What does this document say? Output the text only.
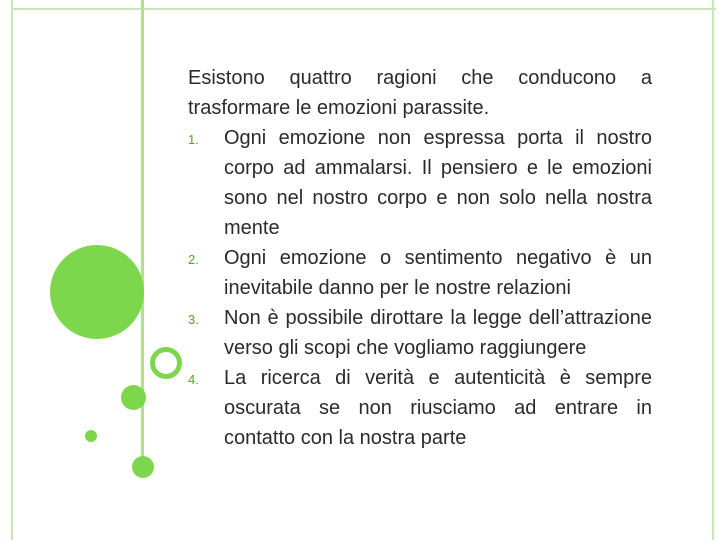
Esistono quattro ragioni che conducono a trasformare le emozioni parassite.

1. Ogni emozione non espressa porta il nostro corpo ad ammalarsi. Il pensiero e le emozioni sono nel nostro corpo e non solo nella nostra mente
2. Ogni emozione o sentimento negativo è un inevitabile danno per le nostre relazioni
3. Non è possibile dirottare la legge dell’attrazione verso gli scopi che vogliamo raggiungere
4. La ricerca di verità e autenticità è sempre oscurata se non riusciamo ad entrare in contatto con la nostra parte
